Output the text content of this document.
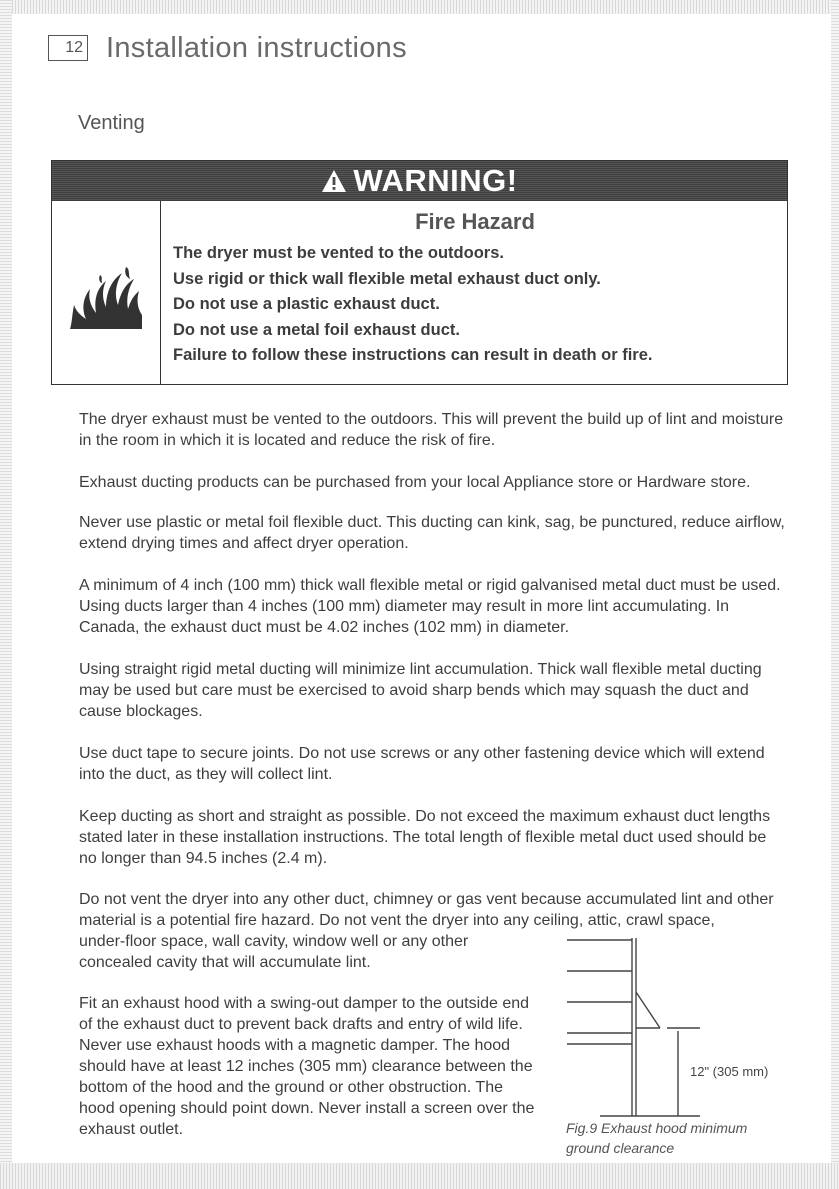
12 Installation instructions
Venting
WARNING!
Fire Hazard
The dryer must be vented to the outdoors.
Use rigid or thick wall flexible metal exhaust duct only.
Do not use a plastic exhaust duct.
Do not use a metal foil exhaust duct.
Failure to follow these instructions can result in death or fire.

The dryer exhaust must be vented to the outdoors. This will prevent the build up of lint and moisture in the room in which it is located and reduce the risk of fire.

Exhaust ducting products can be purchased from your local Appliance store or Hardware store.

Never use plastic or metal foil flexible duct. This ducting can kink, sag, be punctured, reduce airflow, extend drying times and affect dryer operation.

A minimum of 4 inch (100 mm) thick wall flexible metal or rigid galvanised metal duct must be used. Using ducts larger than 4 inches (100 mm) diameter may result in more lint accumulating. In Canada, the exhaust duct must be 4.02 inches (102 mm) in diameter.

Using straight rigid metal ducting will minimize lint accumulation. Thick wall flexible metal ducting may be used but care must be exercised to avoid sharp bends which may squash the duct and cause blockages.

Use duct tape to secure joints. Do not use screws or any other fastening device which will extend into the duct, as they will collect lint.

Keep ducting as short and straight as possible. Do not exceed the maximum exhaust duct lengths stated later in these installation instructions. The total length of flexible metal duct used should be no longer than 94.5 inches (2.4 m).

Do not vent the dryer into any other duct, chimney or gas vent because accumulated lint and other material is a potential fire hazard. Do not vent the dryer into any ceiling, attic, crawl space,

under-floor space, wall cavity, window well or any other concealed cavity that will accumulate lint.

Fit an exhaust hood with a swing-out damper to the outside end of the exhaust duct to prevent back drafts and entry of wild life. Never use exhaust hoods with a magnetic damper. The hood should have at least 12 inches (305 mm) clearance between the bottom of the hood and the ground or other obstruction. The hood opening should point down. Never install a screen over the exhaust outlet.

12" (305 mm)
Fig.9 Exhaust hood minimum ground clearance
